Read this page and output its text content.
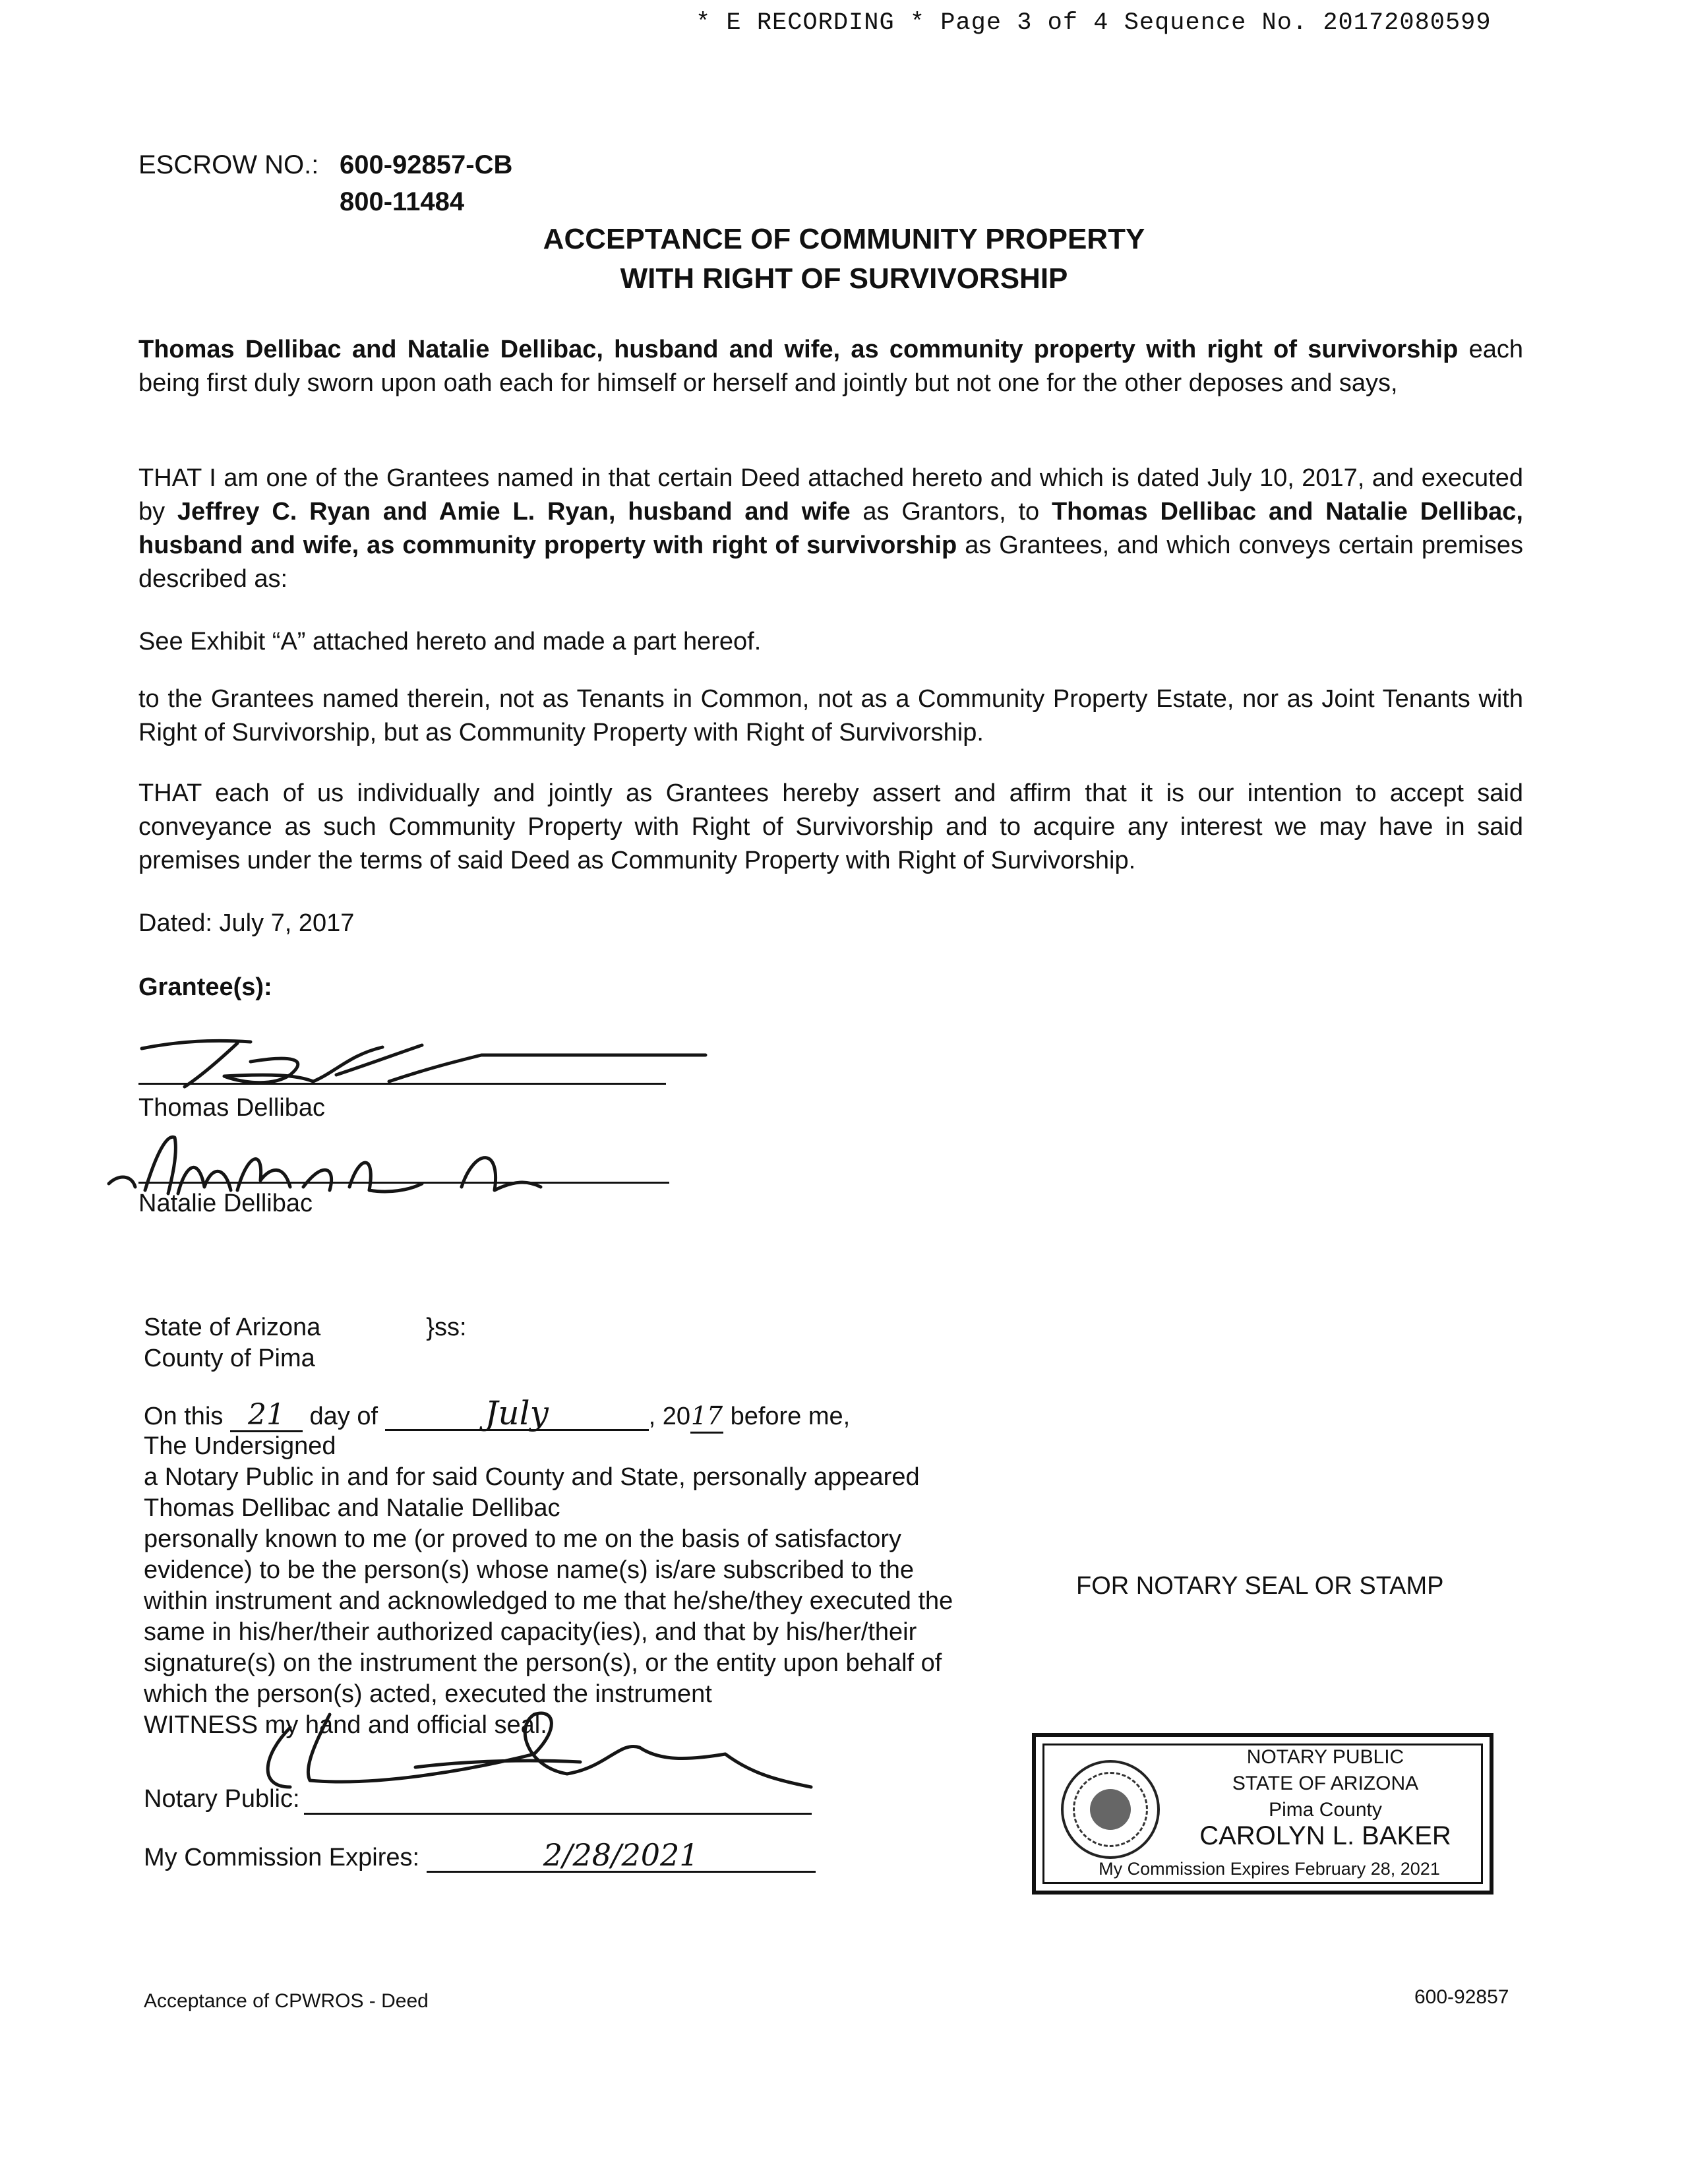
* E RECORDING * Page 3 of 4 Sequence No. 20172080599
ESCROW NO.: 600-92857-CB
800-11484
ACCEPTANCE OF COMMUNITY PROPERTY
WITH RIGHT OF SURVIVORSHIP
Thomas Dellibac and Natalie Dellibac, husband and wife, as community property with right of survivorship each being first duly sworn upon oath each for himself or herself and jointly but not one for the other deposes and says,
THAT I am one of the Grantees named in that certain Deed attached hereto and which is dated July 10, 2017, and executed by Jeffrey C. Ryan and Amie L. Ryan, husband and wife as Grantors, to Thomas Dellibac and Natalie Dellibac, husband and wife, as community property with right of survivorship as Grantees, and which conveys certain premises described as:
See Exhibit “A” attached hereto and made a part hereof.
to the Grantees named therein, not as Tenants in Common, not as a Community Property Estate, nor as Joint Tenants with Right of Survivorship, but as Community Property with Right of Survivorship.
THAT each of us individually and jointly as Grantees hereby assert and affirm that it is our intention to accept said conveyance as such Community Property with Right of Survivorship and to acquire any interest we may have in said premises under the terms of said Deed as Community Property with Right of Survivorship.
Dated: July 7, 2017
Grantee(s):
Thomas Dellibac
Natalie Dellibac
State of Arizona	}ss:
County of Pima
On this 21 day of	July	, 2017 before me,
The Undersigned
a Notary Public in and for said County and State, personally appeared
Thomas Dellibac and Natalie Dellibac
personally known to me (or proved to me on the basis of satisfactory
evidence) to be the person(s) whose name(s) is/are subscribed to the
within instrument and acknowledged to me that he/she/they executed the
same in his/her/their authorized capacity(ies), and that by his/her/their
signature(s) on the instrument the person(s), or the entity upon behalf of
which the person(s) acted, executed the instrument
WITNESS my hand and official seal.
Notary Public:
My Commission Expires:	2/28/2021
FOR NOTARY SEAL OR STAMP
NOTARY PUBLIC
STATE OF ARIZONA
Pima County
CAROLYN L. BAKER
My Commission Expires February 28, 2021
Acceptance of CPWROS - Deed	600-92857
